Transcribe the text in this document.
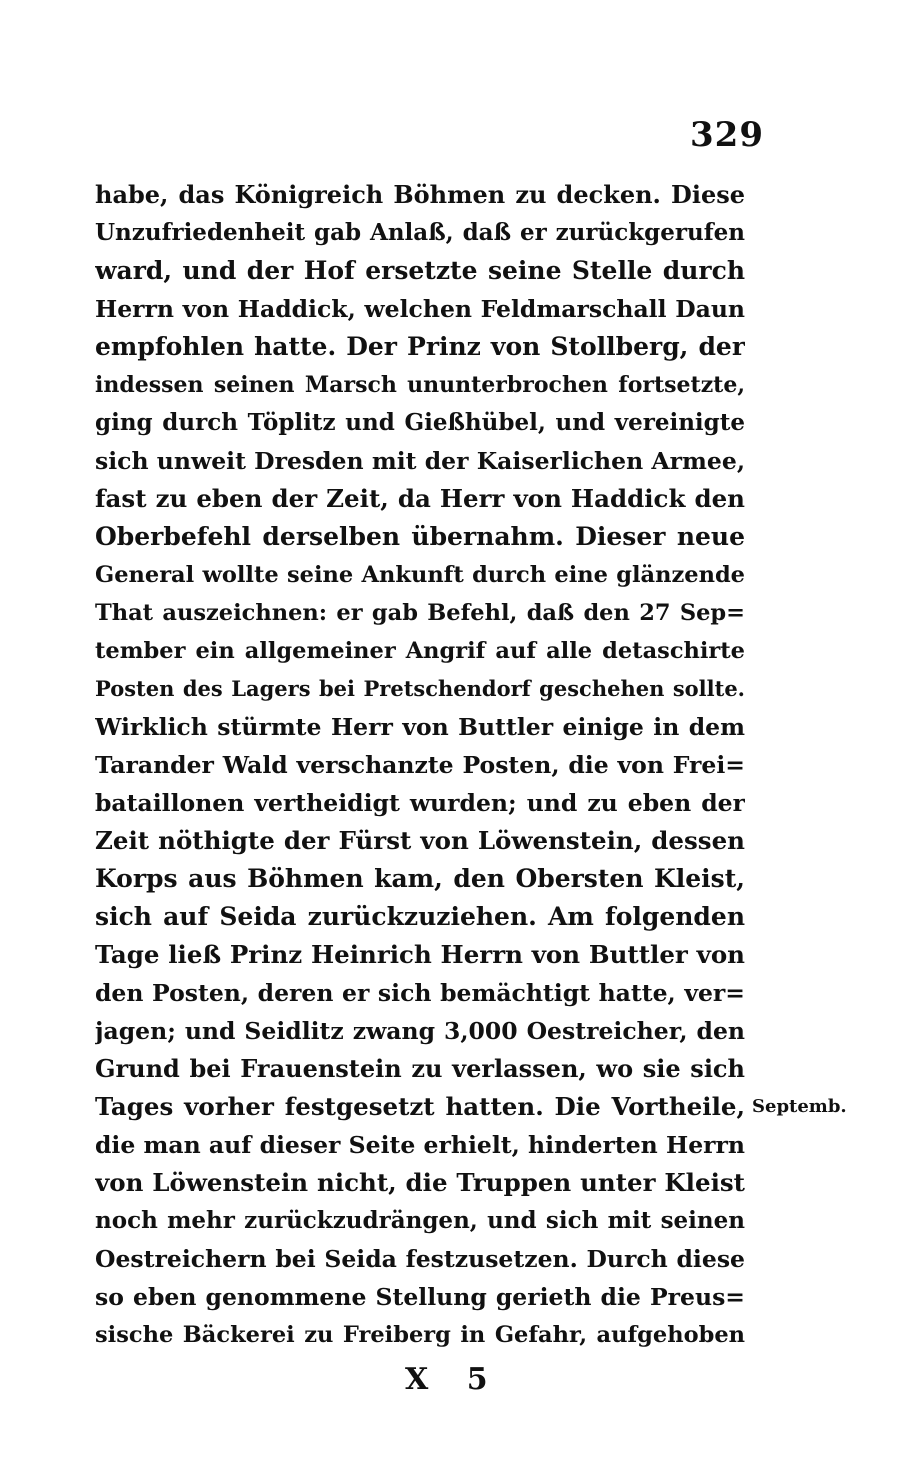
329
habe, das Königreich Böhmen zu decken. Diese
Unzufriedenheit gab Anlaß, daß er zurückgerufen
ward, und der Hof ersetzte seine Stelle durch
Herrn von Haddick, welchen Feldmarschall Daun
empfohlen hatte. Der Prinz von Stollberg, der
indessen seinen Marsch ununterbrochen fortsetzte,
ging durch Töplitz und Gießhübel, und vereinigte
sich unweit Dresden mit der Kaiserlichen Armee,
fast zu eben der Zeit, da Herr von Haddick den
Oberbefehl derselben übernahm. Dieser neue
General wollte seine Ankunft durch eine glänzende
That auszeichnen: er gab Befehl, daß den 27 Sep=
tember ein allgemeiner Angrif auf alle detaschirte
Posten des Lagers bei Pretschendorf geschehen sollte.
Wirklich stürmte Herr von Buttler einige in dem
Tarander Wald verschanzte Posten, die von Frei=
bataillonen vertheidigt wurden; und zu eben der
Zeit nöthigte der Fürst von Löwenstein, dessen
Korps aus Böhmen kam, den Obersten Kleist,
sich auf Seida zurückzuziehen. Am folgenden
Tage ließ Prinz Heinrich Herrn von Buttler von
den Posten, deren er sich bemächtigt hatte, ver=
jagen; und Seidlitz zwang 3,000 Oestreicher, den
Grund bei Frauenstein zu verlassen, wo sie sich
Tages vorher festgesetzt hatten. Die Vortheile,
die man auf dieser Seite erhielt, hinderten Herrn
von Löwenstein nicht, die Truppen unter Kleist
noch mehr zurückzudrängen, und sich mit seinen
Oestreichern bei Seida festzusetzen. Durch diese
so eben genommene Stellung gerieth die Preus=
sische Bäckerei zu Freiberg in Gefahr, aufgehoben
Septemb.
X 5
